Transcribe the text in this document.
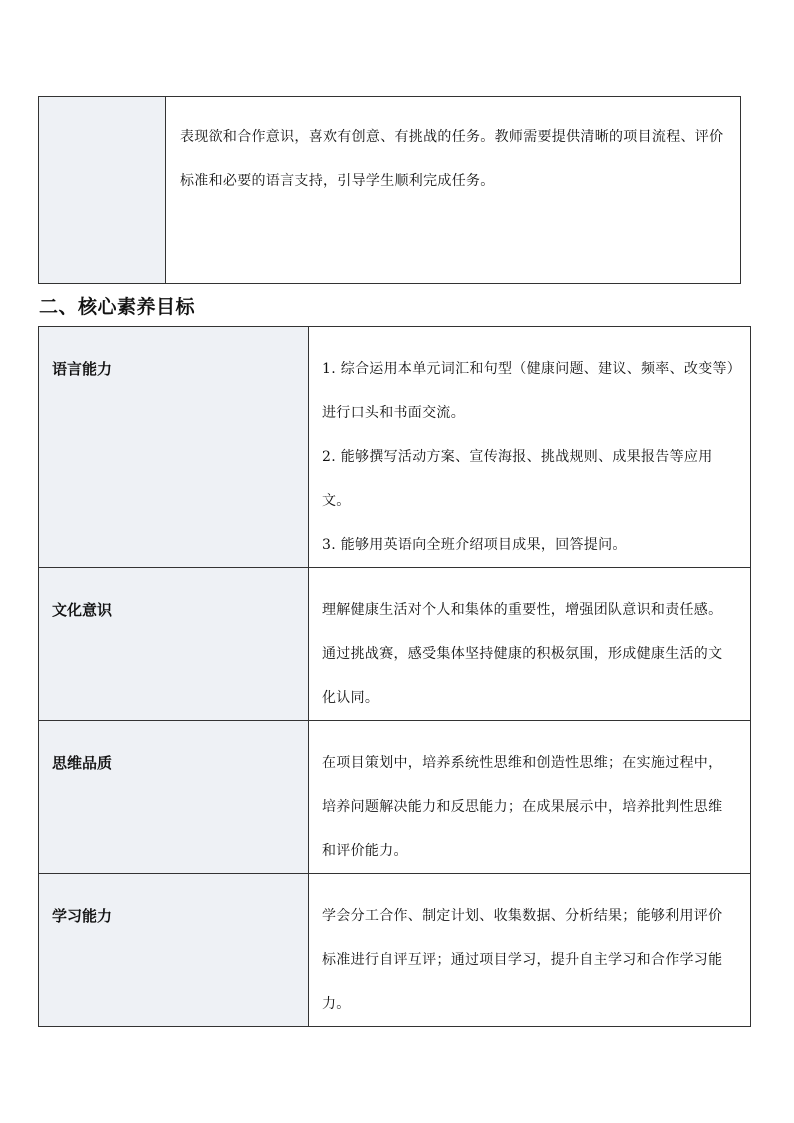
	表现欲和合作意识，喜欢有创意、有挑战的任务。教师需要提供清晰的项目流程、评价标准和必要的语言支持，引导学生顺利完成任务。
二、核心素养目标
语言能力	1. 综合运用本单元词汇和句型（健康问题、建议、频率、改变等）进行口头和书面交流。
2. 能够撰写活动方案、宣传海报、挑战规则、成果报告等应用文。
3. 能够用英语向全班介绍项目成果，回答提问。

文化意识	理解健康生活对个人和集体的重要性，增强团队意识和责任感。通过挑战赛，感受集体坚持健康的积极氛围，形成健康生活的文化认同。

思维品质	在项目策划中，培养系统性思维和创造性思维；在实施过程中，培养问题解决能力和反思能力；在成果展示中，培养批判性思维和评价能力。

学习能力	学会分工合作、制定计划、收集数据、分析结果；能够利用评价标准进行自评互评；通过项目学习，提升自主学习和合作学习能力。
